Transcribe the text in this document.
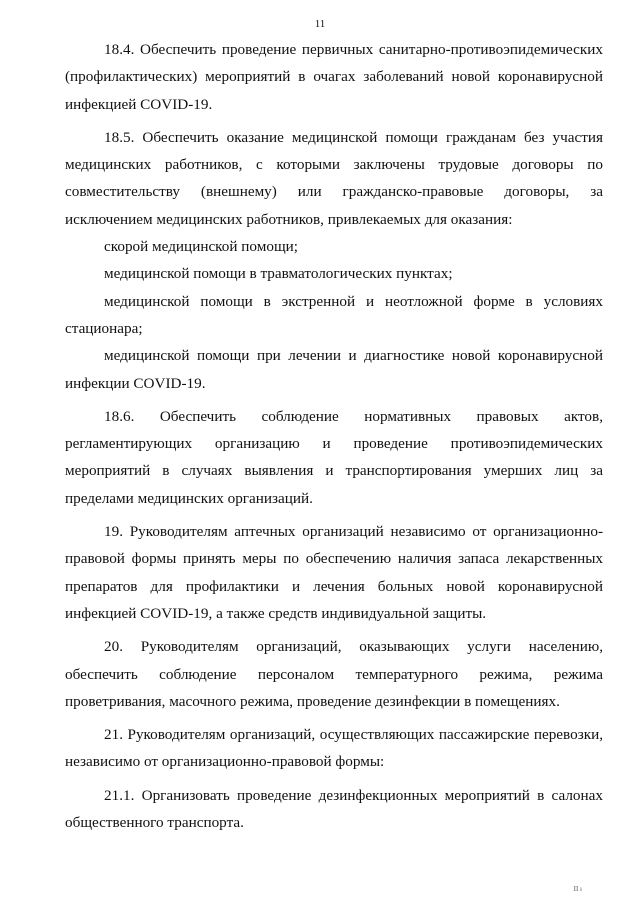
11

18.4. Обеспечить проведение первичных санитарно-противоэпидемических (профилактических) мероприятий в очагах заболеваний новой коронавирусной инфекцией COVID-19.

18.5. Обеспечить оказание медицинской помощи гражданам без участия медицинских работников, с которыми заключены трудовые договоры по совместительству (внешнему) или гражданско-правовые договоры, за исключением медицинских работников, привлекаемых для оказания:

скорой медицинской помощи;

медицинской помощи в травматологических пунктах;

медицинской помощи в экстренной и неотложной форме в условиях стационара;

медицинской помощи при лечении и диагностике новой коронавирусной инфекции COVID-19.

18.6. Обеспечить соблюдение нормативных правовых актов, регламентирующих организацию и проведение противоэпидемических мероприятий в случаях выявления и транспортирования умерших лиц за пределами медицинских организаций.

19. Руководителям аптечных организаций независимо от организационно-правовой формы принять меры по обеспечению наличия запаса лекарственных препаратов для профилактики и лечения больных новой коронавирусной инфекцией COVID-19, а также средств индивидуальной защиты.

20. Руководителям организаций, оказывающих услуги населению, обеспечить соблюдение персоналом температурного режима, режима проветривания, масочного режима, проведение дезинфекции в помещениях.

21. Руководителям организаций, осуществляющих пассажирские перевозки, независимо от организационно-правовой формы:

21.1. Организовать проведение дезинфекционных мероприятий в салонах общественного транспорта.

II ı
